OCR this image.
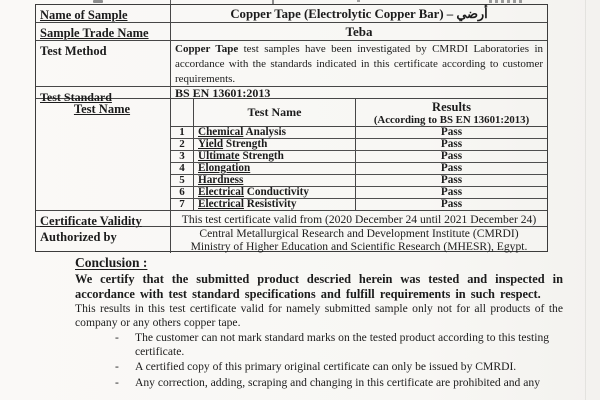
Name of Sample	Copper Tape (Electrolytic Copper Bar) – أرضي
Sample Trade Name	Teba
Test Method	Copper Tape test samples have been investigated by CMRDI Laboratories in accordance with the standards indicated in this certificate according to customer requirements.
Test Standard	BS EN 13601:2013
Test Name	Test Name	Results
(According to BS EN 13601:2013)
1	Chemical Analysis	Pass
2	Yield Strength	Pass
3	Ultimate Strength	Pass
4	Elongation	Pass
5	Hardness	Pass
6	Electrical Conductivity	Pass
7	Electrical Resistivity	Pass
Certificate Validity	This test certificate valid from (2020 December 24 until 2021 December 24)
Authorized by	Central Metallurgical Research and Development Institute (CMRDI)
Ministry of Higher Education and Scientific Research (MHESR), Egypt.
Conclusion :
We certify that the submitted product descried herein was tested and inspected in accordance with test standard specifications and fulfill requirements in such respect.
This results in this test certificate valid for namely submitted sample only not for all products of the company or any others copper tape.
-	The customer can not mark standard marks on the tested product according to this testing certificate.
-	A certified copy of this primary original certificate can only be issued by CMRDI.
-	Any correction, adding, scraping and changing in this certificate are prohibited and any
